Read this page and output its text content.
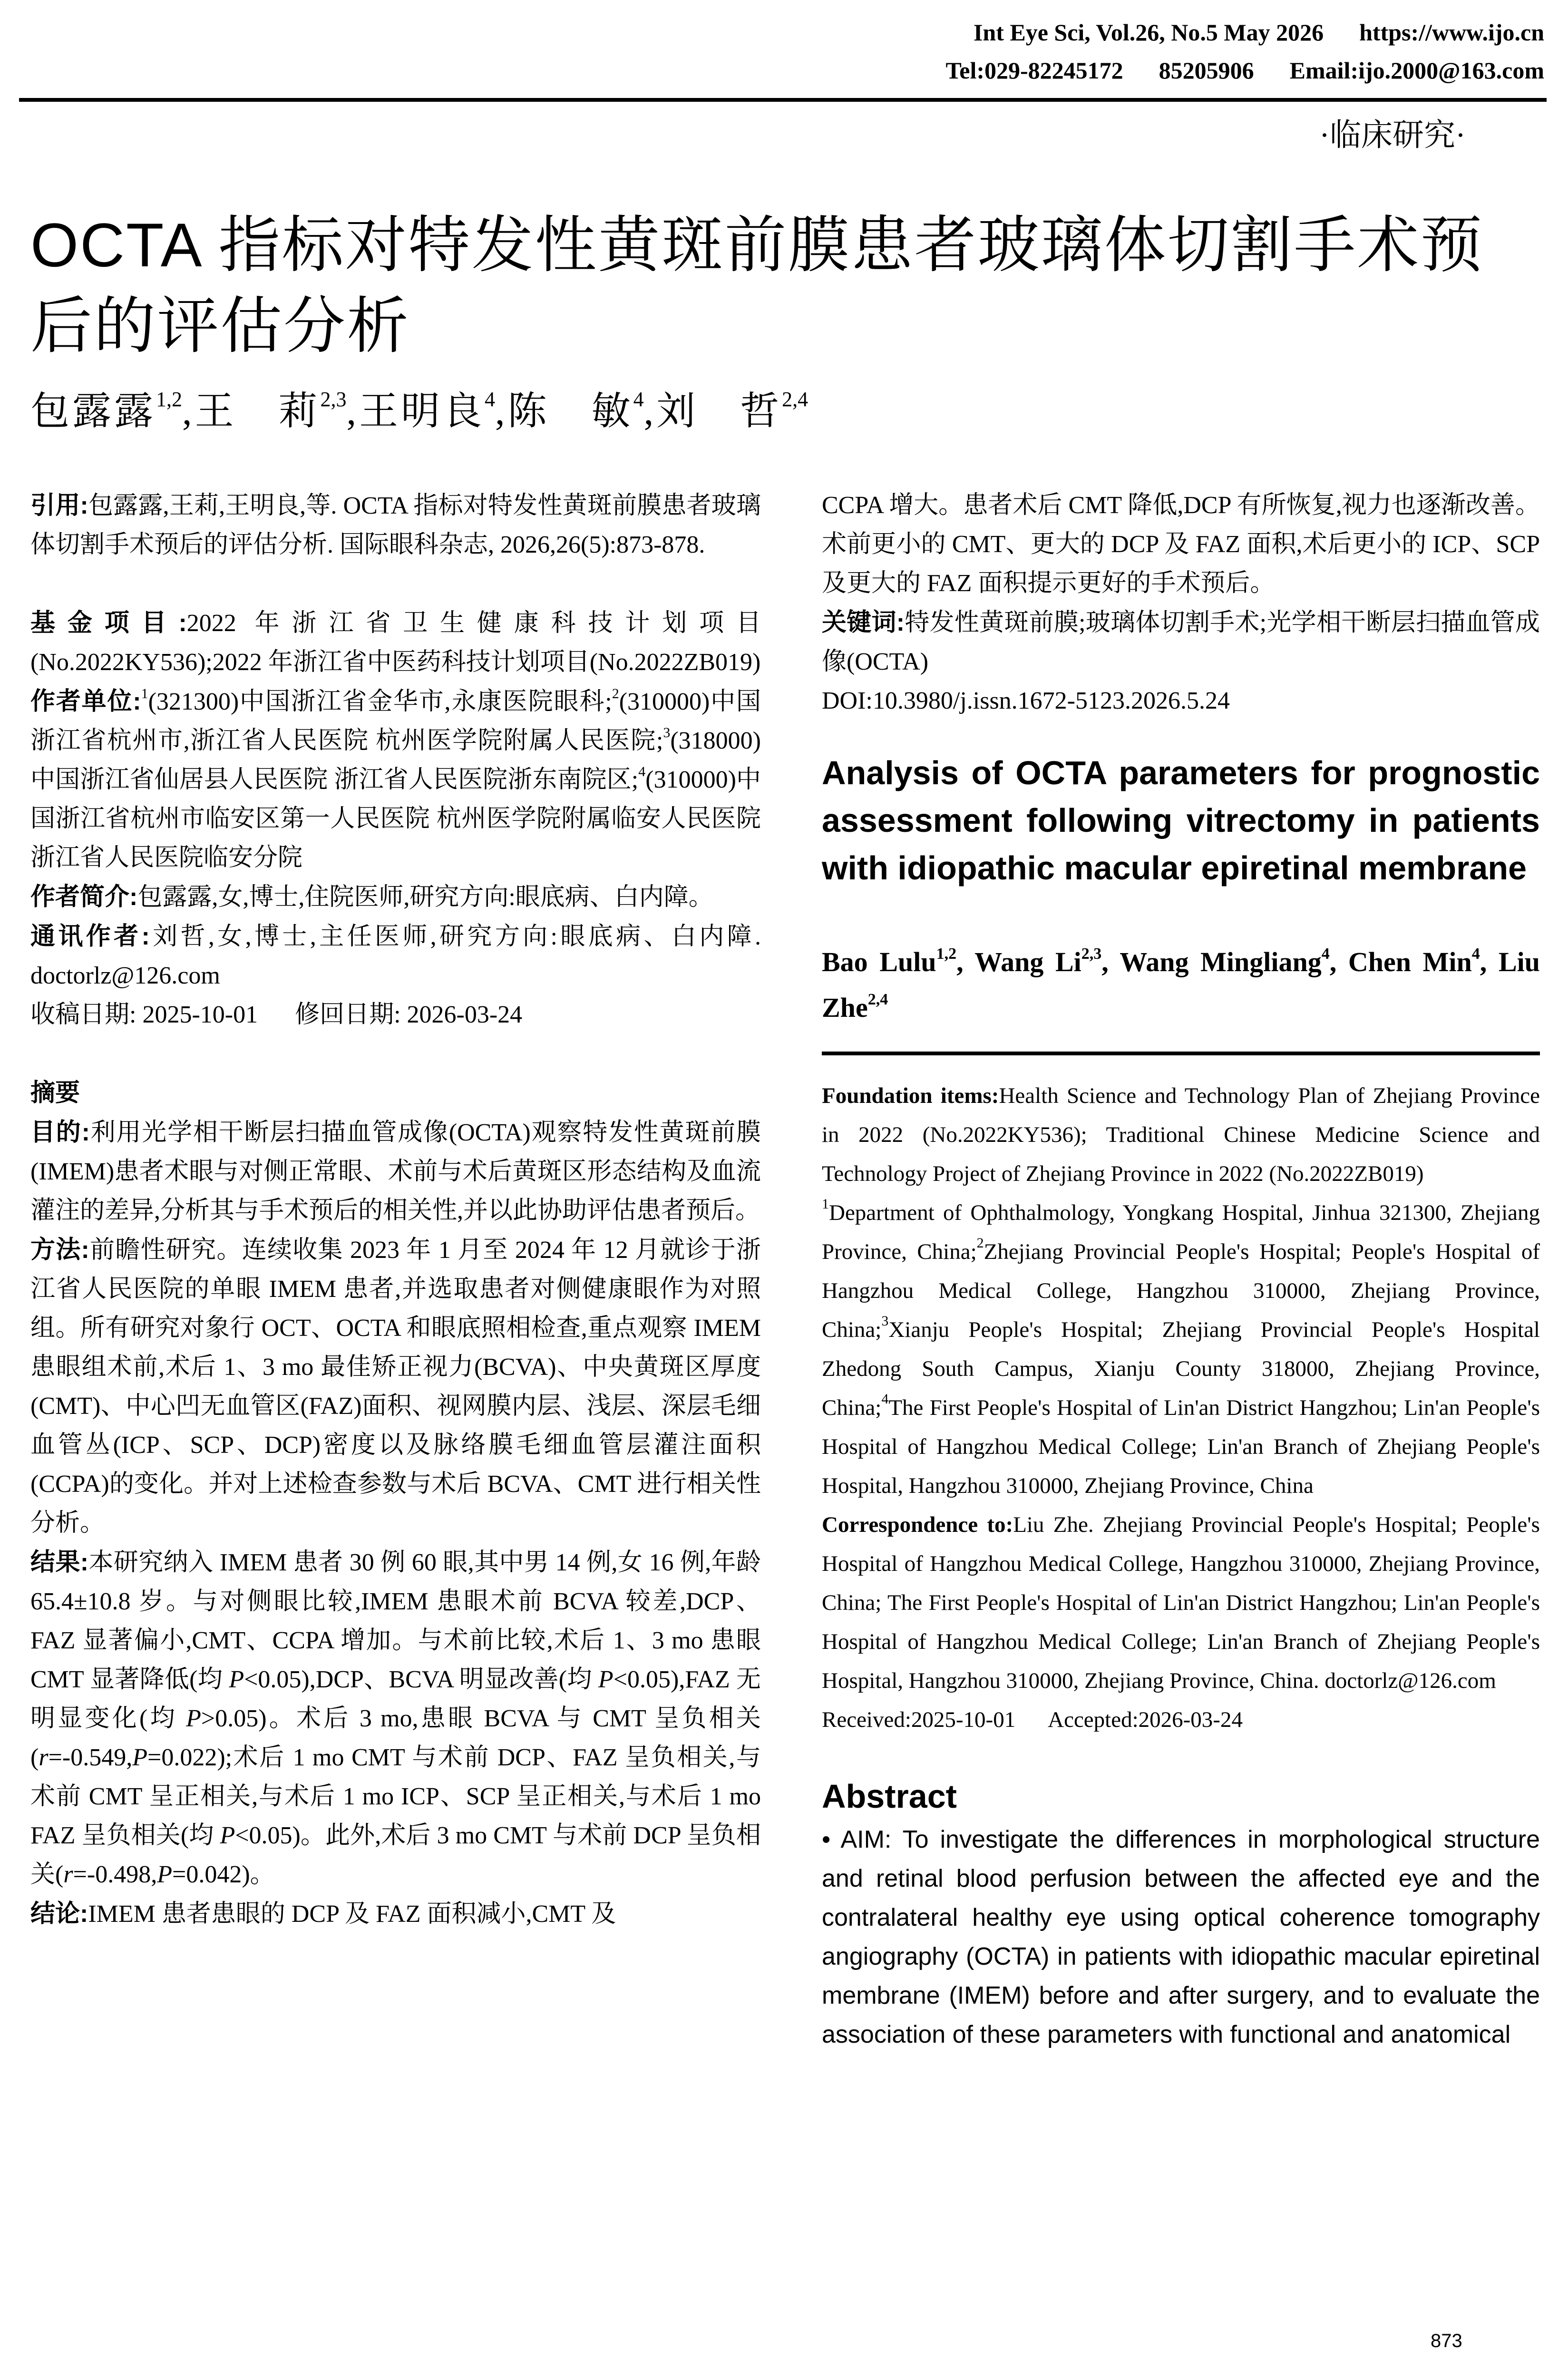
Int Eye Sci, Vol.26, No.5 May 2026      https://www.ijo.cn
Tel:029-82245172      85205906      Email:ijo.2000@163.com
·临床研究·
OCTA 指标对特发性黄斑前膜患者玻璃体切割手术预后的评估分析
包露露$^{1,2}$,王　莉$^{2,3}$,王明良$^4$,陈　敏$^4$,刘　哲$^{2,4}$

引用:包露露,王莉,王明良,等. OCTA 指标对特发性黄斑前膜患者玻璃体切割手术预后的评估分析. 国际眼科杂志, 2026,26(5):873-878.

基金项目:2022 年浙江省卫生健康科技计划项目(No.2022KY536);2022 年浙江省中医药科技计划项目(No.2022ZB019)

作者单位:$^1$(321300)中国浙江省金华市,永康医院眼科;$^2$(310000)中国浙江省杭州市,浙江省人民医院 杭州医学院附属人民医院;$^3$(318000)中国浙江省仙居县人民医院 浙江省人民医院浙东南院区;$^4$(310000)中国浙江省杭州市临安区第一人民医院 杭州医学院附属临安人民医院 浙江省人民医院临安分院

作者简介:包露露,女,博士,住院医师,研究方向:眼底病、白内障。

通讯作者:刘哲,女,博士,主任医师,研究方向:眼底病、白内障. doctorlz@126.com

收稿日期: 2025-10-01 修回日期: 2026-03-24

摘要

目的:利用光学相干断层扫描血管成像(OCTA)观察特发性黄斑前膜(IMEM)患者术眼与对侧正常眼、术前与术后黄斑区形态结构及血流灌注的差异,分析其与手术预后的相关性,并以此协助评估患者预后。

方法:前瞻性研究。连续收集 2023 年 1 月至 2024 年 12 月就诊于浙江省人民医院的单眼 IMEM 患者,并选取患者对侧健康眼作为对照组。所有研究对象行 OCT、OCTA 和眼底照相检查,重点观察 IMEM 患眼组术前,术后 1、3 mo 最佳矫正视力(BCVA)、中央黄斑区厚度(CMT)、中心凹无血管区(FAZ)面积、视网膜内层、浅层、深层毛细血管丛(ICP、SCP、DCP)密度以及脉络膜毛细血管层灌注面积(CCPA)的变化。并对上述检查参数与术后 BCVA、CMT 进行相关性分析。

结果:本研究纳入 IMEM 患者 30 例 60 眼,其中男 14 例,女 16 例,年龄 65.4±10.8 岁。与对侧眼比较,IMEM 患眼术前 BCVA 较差,DCP、FAZ 显著偏小,CMT、CCPA 增加。与术前比较,术后 1、3 mo 患眼 CMT 显著降低(均 P<0.05),DCP、BCVA 明显改善(均 P<0.05),FAZ 无明显变化(均 P>0.05)。术后 3 mo,患眼 BCVA 与 CMT 呈负相关(r=-0.549,P=0.022);术后 1 mo CMT 与术前 DCP、FAZ 呈负相关,与术前 CMT 呈正相关,与术后 1 mo ICP、SCP 呈正相关,与术后 1 mo FAZ 呈负相关(均 P<0.05)。此外,术后 3 mo CMT 与术前 DCP 呈负相关(r=-0.498,P=0.042)。

结论:IMEM 患者患眼的 DCP 及 FAZ 面积减小,CMT 及

CCPA 增大。患者术后 CMT 降低,DCP 有所恢复,视力也逐渐改善。术前更小的 CMT、更大的 DCP 及 FAZ 面积,术后更小的 ICP、SCP 及更大的 FAZ 面积提示更好的手术预后。

关键词:特发性黄斑前膜;玻璃体切割手术;光学相干断层扫描血管成像(OCTA)

DOI:10.3980/j.issn.1672-5123.2026.5.24

Analysis of OCTA parameters for prognostic assessment following vitrectomy in patients with idiopathic macular epiretinal membrane
Bao Lulu$^{1,2}$, Wang Li$^{2,3}$, Wang Mingliang$^4$, Chen Min$^4$, Liu Zhe$^{2,4}$

Foundation items:Health Science and Technology Plan of Zhejiang Province in 2022 (No.2022KY536); Traditional Chinese Medicine Science and Technology Project of Zhejiang Province in 2022 (No.2022ZB019)

$^1$Department of Ophthalmology, Yongkang Hospital, Jinhua 321300, Zhejiang Province, China;$^2$Zhejiang Provincial People's Hospital; People's Hospital of Hangzhou Medical College, Hangzhou 310000, Zhejiang Province, China;$^3$Xianju People's Hospital; Zhejiang Provincial People's Hospital Zhedong South Campus, Xianju County 318000, Zhejiang Province, China;$^4$The First People's Hospital of Lin'an District Hangzhou; Lin'an People's Hospital of Hangzhou Medical College; Lin'an Branch of Zhejiang People's Hospital, Hangzhou 310000, Zhejiang Province, China

Correspondence to:Liu Zhe. Zhejiang Provincial People's Hospital; People's Hospital of Hangzhou Medical College, Hangzhou 310000, Zhejiang Province, China; The First People's Hospital of Lin'an District Hangzhou; Lin'an People's Hospital of Hangzhou Medical College; Lin'an Branch of Zhejiang People's Hospital, Hangzhou 310000, Zhejiang Province, China. doctorlz@126.com

Received:2025-10-01 Accepted:2026-03-24

Abstract

• AIM: To investigate the differences in morphological structure and retinal blood perfusion between the affected eye and the contralateral healthy eye using optical coherence tomography angiography (OCTA) in patients with idiopathic macular epiretinal membrane (IMEM) before and after surgery, and to evaluate the association of these parameters with functional and anatomical

873
